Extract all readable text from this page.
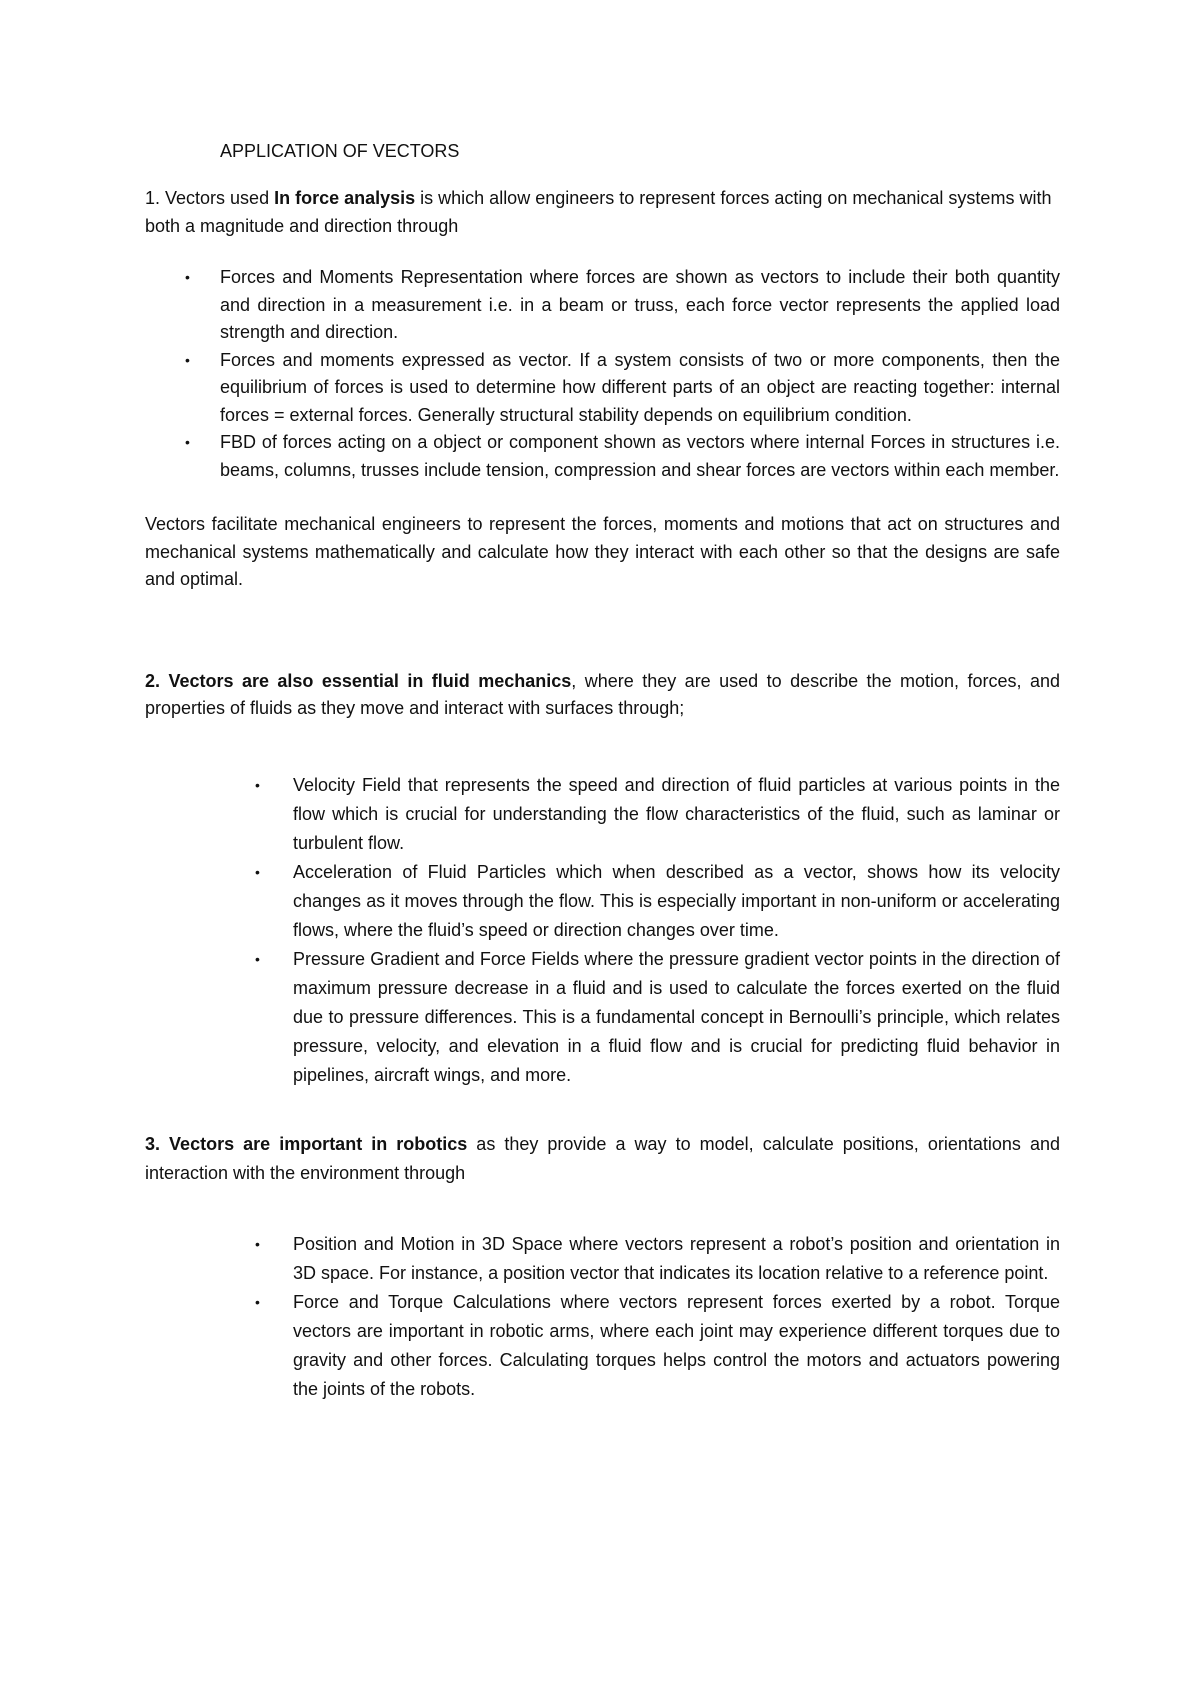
APPLICATION OF VECTORS

1. Vectors used In force analysis is which allow engineers to represent forces acting on mechanical systems with both a magnitude and direction through

• Forces and Moments Representation where forces are shown as vectors to include their both quantity and direction in a measurement i.e. in a beam or truss, each force vector represents the applied load strength and direction.
• Forces and moments expressed as vector. If a system consists of two or more components, then the equilibrium of forces is used to determine how different parts of an object are reacting together: internal forces = external forces. Generally structural stability depends on equilibrium condition.
• FBD of forces acting on a object or component shown as vectors where internal Forces in structures i.e. beams, columns, trusses include tension, compression and shear forces are vectors within each member.

Vectors facilitate mechanical engineers to represent the forces, moments and motions that act on structures and mechanical systems mathematically and calculate how they interact with each other so that the designs are safe and optimal.

2. Vectors are also essential in fluid mechanics, where they are used to describe the motion, forces, and properties of fluids as they move and interact with surfaces through;

• Velocity Field that represents the speed and direction of fluid particles at various points in the flow which is crucial for understanding the flow characteristics of the fluid, such as laminar or turbulent flow.
• Acceleration of Fluid Particles which when described as a vector, shows how its velocity changes as it moves through the flow. This is especially important in non-uniform or accelerating flows, where the fluid’s speed or direction changes over time.
• Pressure Gradient and Force Fields where the pressure gradient vector points in the direction of maximum pressure decrease in a fluid and is used to calculate the forces exerted on the fluid due to pressure differences. This is a fundamental concept in Bernoulli’s principle, which relates pressure, velocity, and elevation in a fluid flow and is crucial for predicting fluid behavior in pipelines, aircraft wings, and more.

3. Vectors are important in robotics as they provide a way to model, calculate positions, orientations and interaction with the environment through

• Position and Motion in 3D Space where vectors represent a robot’s position and orientation in 3D space. For instance, a position vector that indicates its location relative to a reference point.
• Force and Torque Calculations where vectors represent forces exerted by a robot. Torque vectors are important in robotic arms, where each joint may experience different torques due to gravity and other forces. Calculating torques helps control the motors and actuators powering the joints of the robots.
